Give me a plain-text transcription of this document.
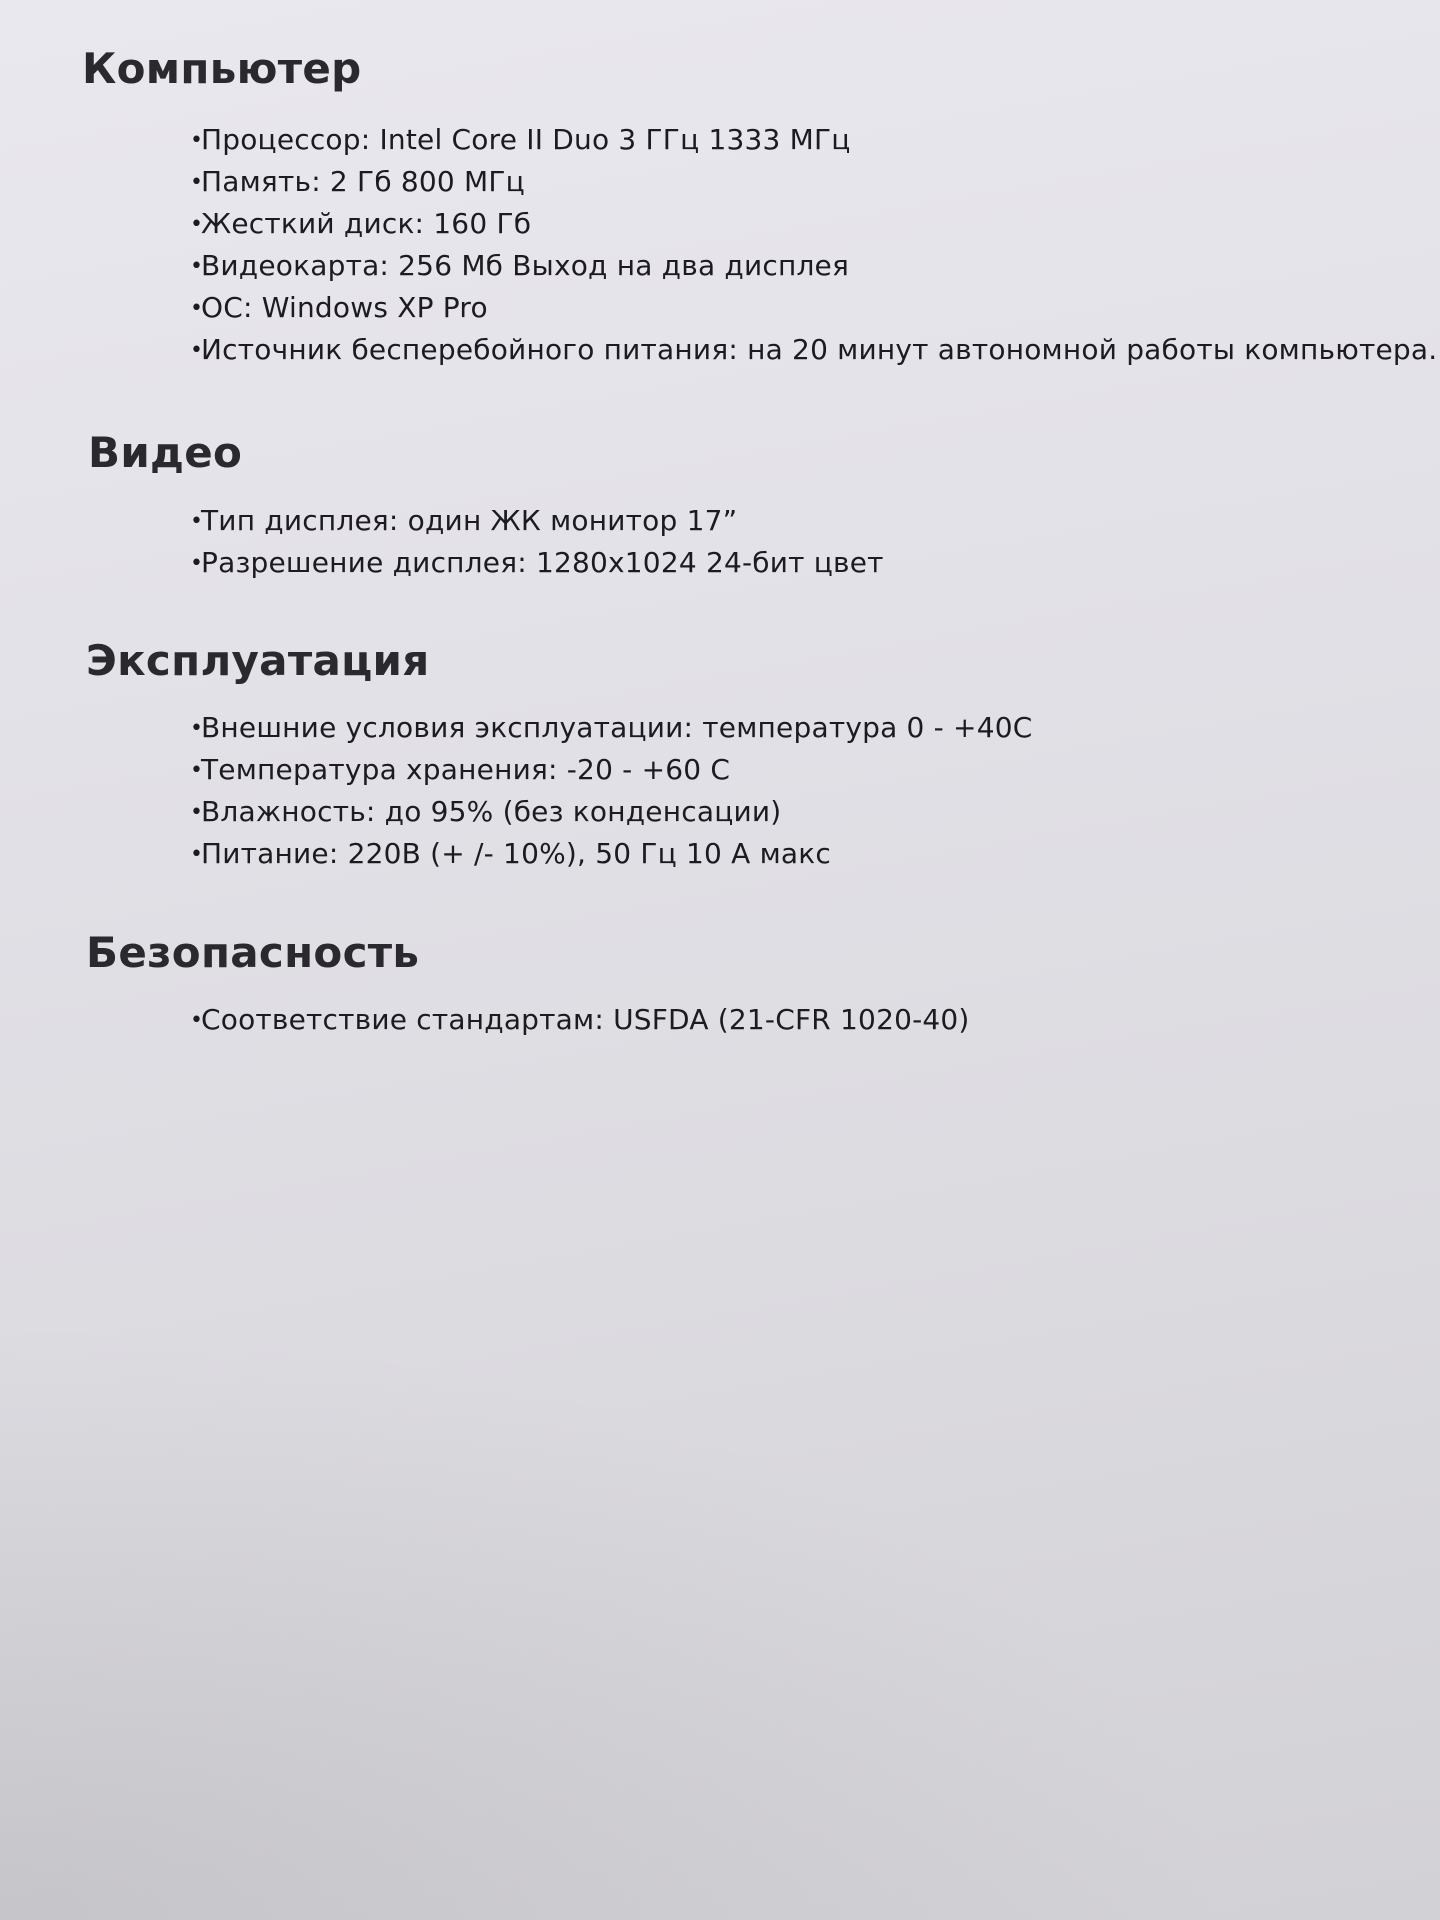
Компьютер
•Процессор: Intel Core II Duo 3 ГГц 1333 МГц
•Память: 2 Гб 800 МГц
•Жесткий диск: 160 Гб
•Видеокарта: 256 Мб Выход на два дисплея
•ОС: Windows XP Pro
•Источник бесперебойного питания: на 20 минут автономной работы компьютера.
Видео
•Тип дисплея: один ЖК монитор 17”
•Разрешение дисплея: 1280x1024 24-бит цвет
Эксплуатация
•Внешние условия эксплуатации: температура 0 - +40С
•Температура хранения: -20 - +60 С
•Влажность: до 95% (без конденсации)
•Питание: 220В (+ /- 10%), 50 Гц 10 А макс
Безопасность
•Соответствие стандартам: USFDA (21-CFR 1020-40)
